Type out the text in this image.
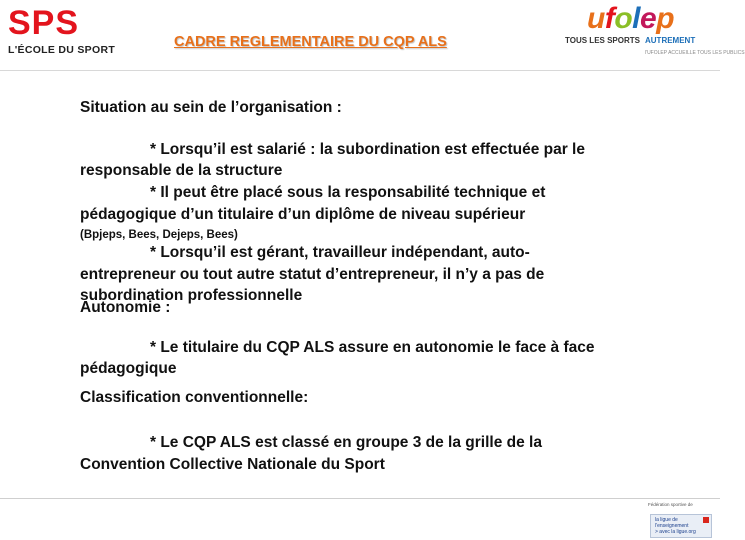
SPS
L'ÉCOLE DU SPORT	CADRE REGLEMENTAIRE DU CQP ALS
ufolep
TOUS LES SPORTS AUTREMENT
l'UFOLEP ACCUEILLE TOUS LES PUBLICS
Situation au sein de l’organisation :
* Lorsqu’il est salarié : la subordination est effectuée par le
responsable de la structure
* Il peut être placé sous la responsabilité technique et
pédagogique d’un titulaire d’un diplôme de niveau supérieur
(Bpjeps, Bees, Dejeps, Bees)
* Lorsqu’il est gérant, travailleur indépendant, auto-
entrepreneur ou tout autre statut d’entrepreneur, il n’y a pas de
subordination professionnelle
Autonomie :
* Le titulaire du CQP ALS assure en autonomie le face à face
pédagogique
Classification conventionnelle:
* Le CQP ALS est classé en groupe 3 de la grille de la
Convention Collective Nationale du Sport
Fédération sportive de
la ligue de
l'enseignement
> avec la ligue.org
